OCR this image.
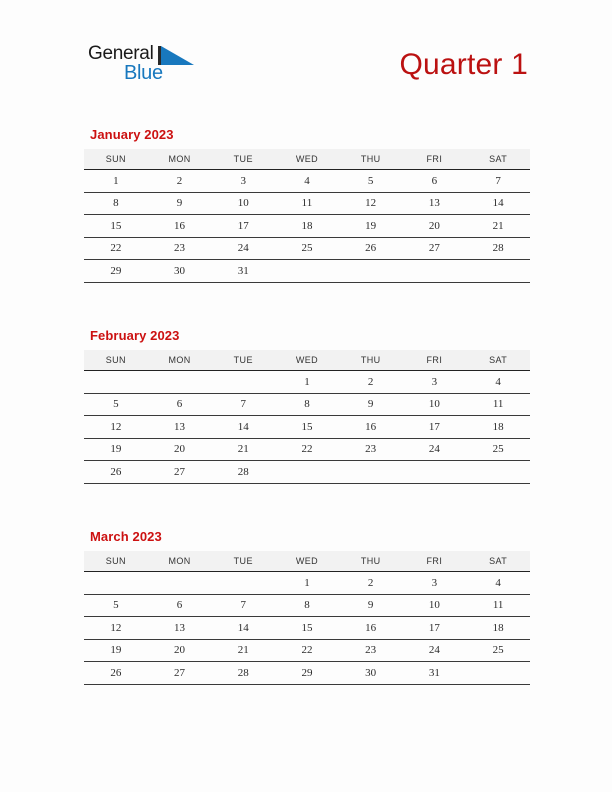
General
Blue	Quarter 1
January 2023
SUN	MON	TUE	WED	THU	FRI	SAT
1	2	3	4	5	6	7
8	9	10	11	12	13	14
15	16	17	18	19	20	21
22	23	24	25	26	27	28
29	30	31				
February 2023
SUN	MON	TUE	WED	THU	FRI	SAT
			1	2	3	4
5	6	7	8	9	10	11
12	13	14	15	16	17	18
19	20	21	22	23	24	25
26	27	28				
March 2023
SUN	MON	TUE	WED	THU	FRI	SAT
			1	2	3	4
5	6	7	8	9	10	11
12	13	14	15	16	17	18
19	20	21	22	23	24	25
26	27	28	29	30	31	
